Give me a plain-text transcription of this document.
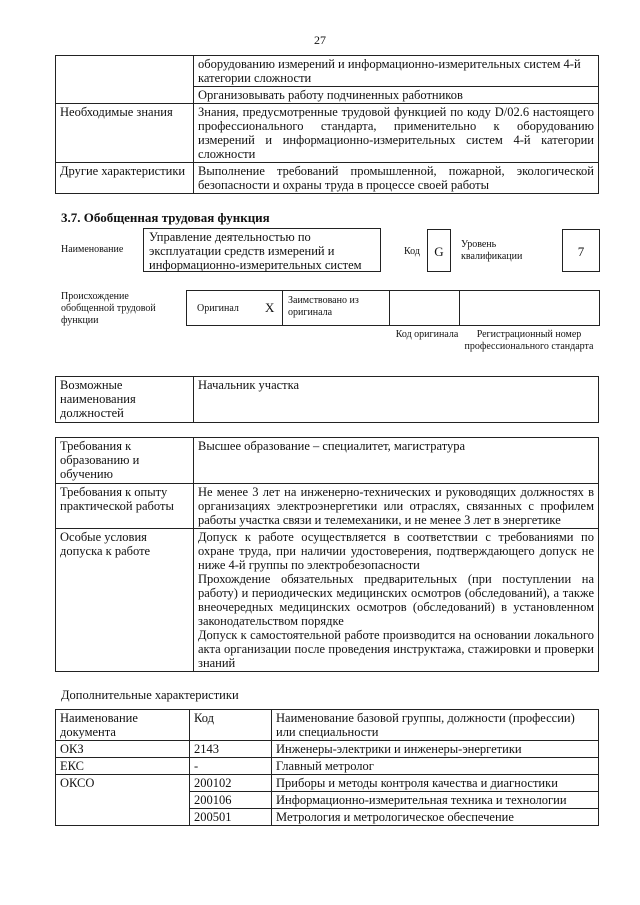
27
	оборудованию измерений и информационно-измерительных систем 4-й категории сложности
	Организовывать работу подчиненных работников
Необходимые знания	Знания, предусмотренные трудовой функцией по коду D/02.6 настоящего профессионального стандарта, применительно к оборудованию измерений и информационно-измерительных систем 4-й категории сложности
Другие характеристики	Выполнение требований промышленной, пожарной, экологической безопасности и охраны труда в процессе своей работы
3.7. Обобщенная трудовая функция
Наименование
Управление деятельностью по эксплуатации средств измерений и информационно-измерительных систем
Код	G	Уровень квалификации	7
Происхождение обобщенной трудовой функции
Оригинал X Заимствовано из оригинала
Код оригинала	Регистрационный номер профессионального стандарта
Возможные наименования должностей	Начальник участка
Требования к образованию и обучению	Высшее образование – специалитет, магистратура
Требования к опыту практической работы	Не менее 3 лет на инженерно-технических и руководящих должностях в организациях электроэнергетики или отраслях, связанных с профилем работы участка связи и телемеханики, и не менее 3 лет в энергетике
Особые условия допуска к работе	Допуск к работе осуществляется в соответствии с требованиями по охране труда, при наличии удостоверения, подтверждающего допуск не ниже 4-й группы по электробезопасности
Прохождение обязательных предварительных (при поступлении на работу) и периодических медицинских осмотров (обследований), а также внеочередных медицинских осмотров (обследований) в установленном законодательством порядке
Допуск к самостоятельной работе производится на основании локального акта организации после проведения инструктажа, стажировки и проверки знаний
Дополнительные характеристики
Наименование документа	Код	Наименование базовой группы, должности (профессии) или специальности
ОКЗ	2143	Инженеры-электрики и инженеры-энергетики
ЕКС	-	Главный метролог
ОКСО	200102	Приборы и методы контроля качества и диагностики
	200106	Информационно-измерительная техника и технологии
	200501	Метрология и метрологическое обеспечение
